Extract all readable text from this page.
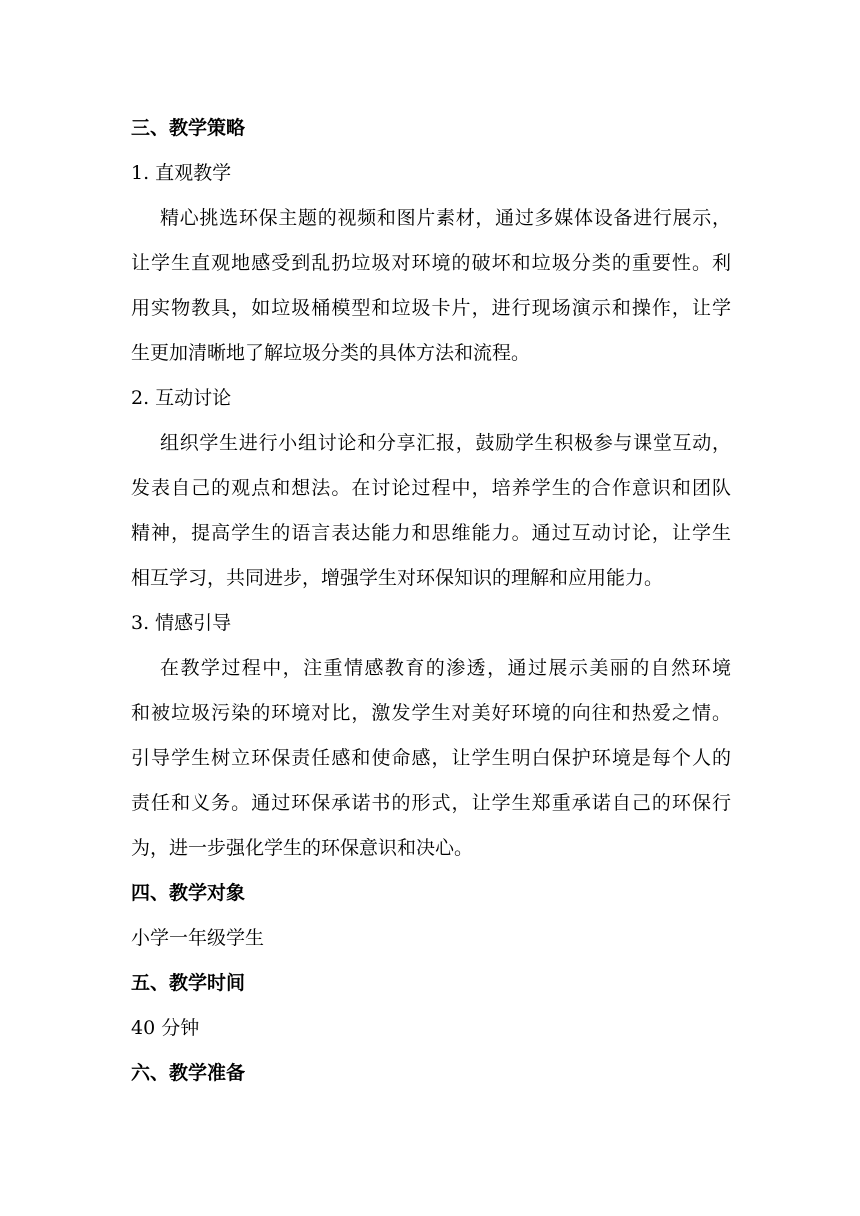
三、教学策略
1. 直观教学
精心挑选环保主题的视频和图片素材，通过多媒体设备进行展示，
让学生直观地感受到乱扔垃圾对环境的破坏和垃圾分类的重要性。利
用实物教具，如垃圾桶模型和垃圾卡片，进行现场演示和操作，让学
生更加清晰地了解垃圾分类的具体方法和流程。
2. 互动讨论
组织学生进行小组讨论和分享汇报，鼓励学生积极参与课堂互动，
发表自己的观点和想法。在讨论过程中，培养学生的合作意识和团队
精神，提高学生的语言表达能力和思维能力。通过互动讨论，让学生
相互学习，共同进步，增强学生对环保知识的理解和应用能力。
3. 情感引导
在教学过程中，注重情感教育的渗透，通过展示美丽的自然环境
和被垃圾污染的环境对比，激发学生对美好环境的向往和热爱之情。
引导学生树立环保责任感和使命感，让学生明白保护环境是每个人的
责任和义务。通过环保承诺书的形式，让学生郑重承诺自己的环保行
为，进一步强化学生的环保意识和决心。
四、教学对象
小学一年级学生
五、教学时间
40 分钟
六、教学准备
